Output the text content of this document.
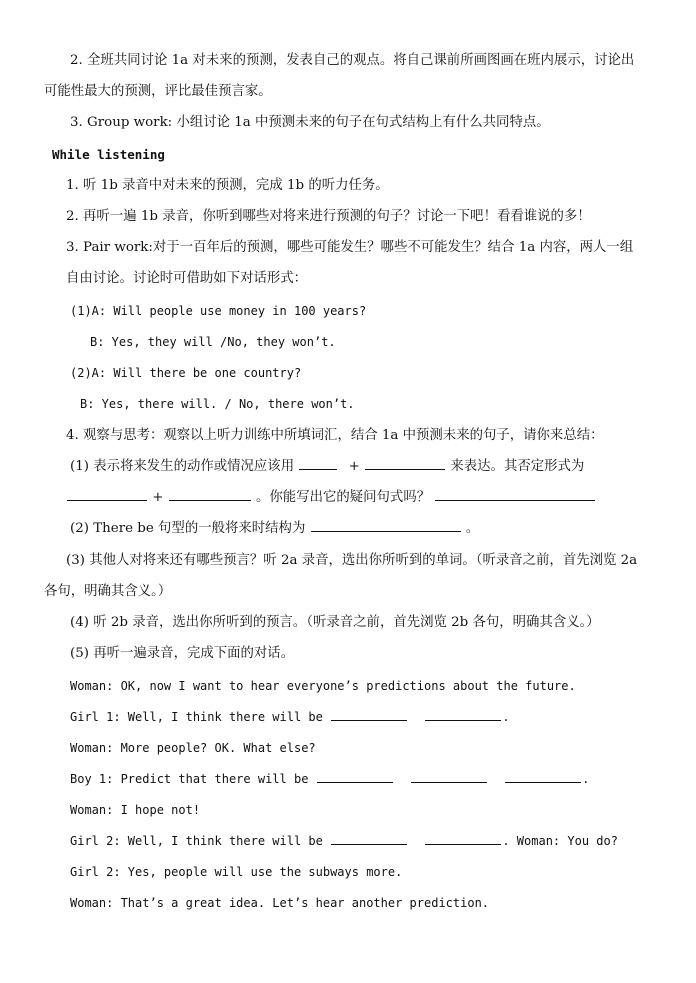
2. 全班共同讨论 1a 对未来的预测，发表自己的观点。将自己课前所画图画在班内展示，讨论出
可能性最大的预测，评比最佳预言家。
3. Group work: 小组讨论 1a 中预测未来的句子在句式结构上有什么共同特点。
While listening
1. 听 1b 录音中对未来的预测，完成 1b 的听力任务。
2. 再听一遍 1b 录音，你听到哪些对将来进行预测的句子？讨论一下吧！看看谁说的多！
3. Pair work:对于一百年后的预测，哪些可能发生？哪些不可能发生？结合 1a 内容，两人一组
自由讨论。讨论时可借助如下对话形式：
(1)A: Will people use money in 100 years?
B: Yes, they will /No, they won’t.
(2)A: Will there be one country?
B: Yes, there will. / No, there won’t.
4. 观察与思考：观察以上听力训练中所填词汇，结合 1a 中预测未来的句子，请你来总结：
(1) 表示将来发生的动作或情况应该用	+	来表达。其否定形式为
+	。你能写出它的疑问句式吗？
(2) There be 句型的一般将来时结构为	。
(3) 其他人对将来还有哪些预言？听 2a 录音，选出你所听到的单词。（听录音之前，首先浏览 2a
各句，明确其含义。）
(4) 听 2b 录音，选出你所听到的预言。（听录音之前，首先浏览 2b 各句，明确其含义。）
(5) 再听一遍录音，完成下面的对话。
Woman: OK, now I want to hear everyone’s predictions about the future.
Girl 1: Well, I think there will be	.
Woman: More people? OK. What else?
Boy 1: Predict that there will be	.
Woman: I hope not!
Girl 2: Well, I think there will be	. Woman: You do?
Girl 2: Yes, people will use the subways more.
Woman: That’s a great idea. Let’s hear another prediction.
